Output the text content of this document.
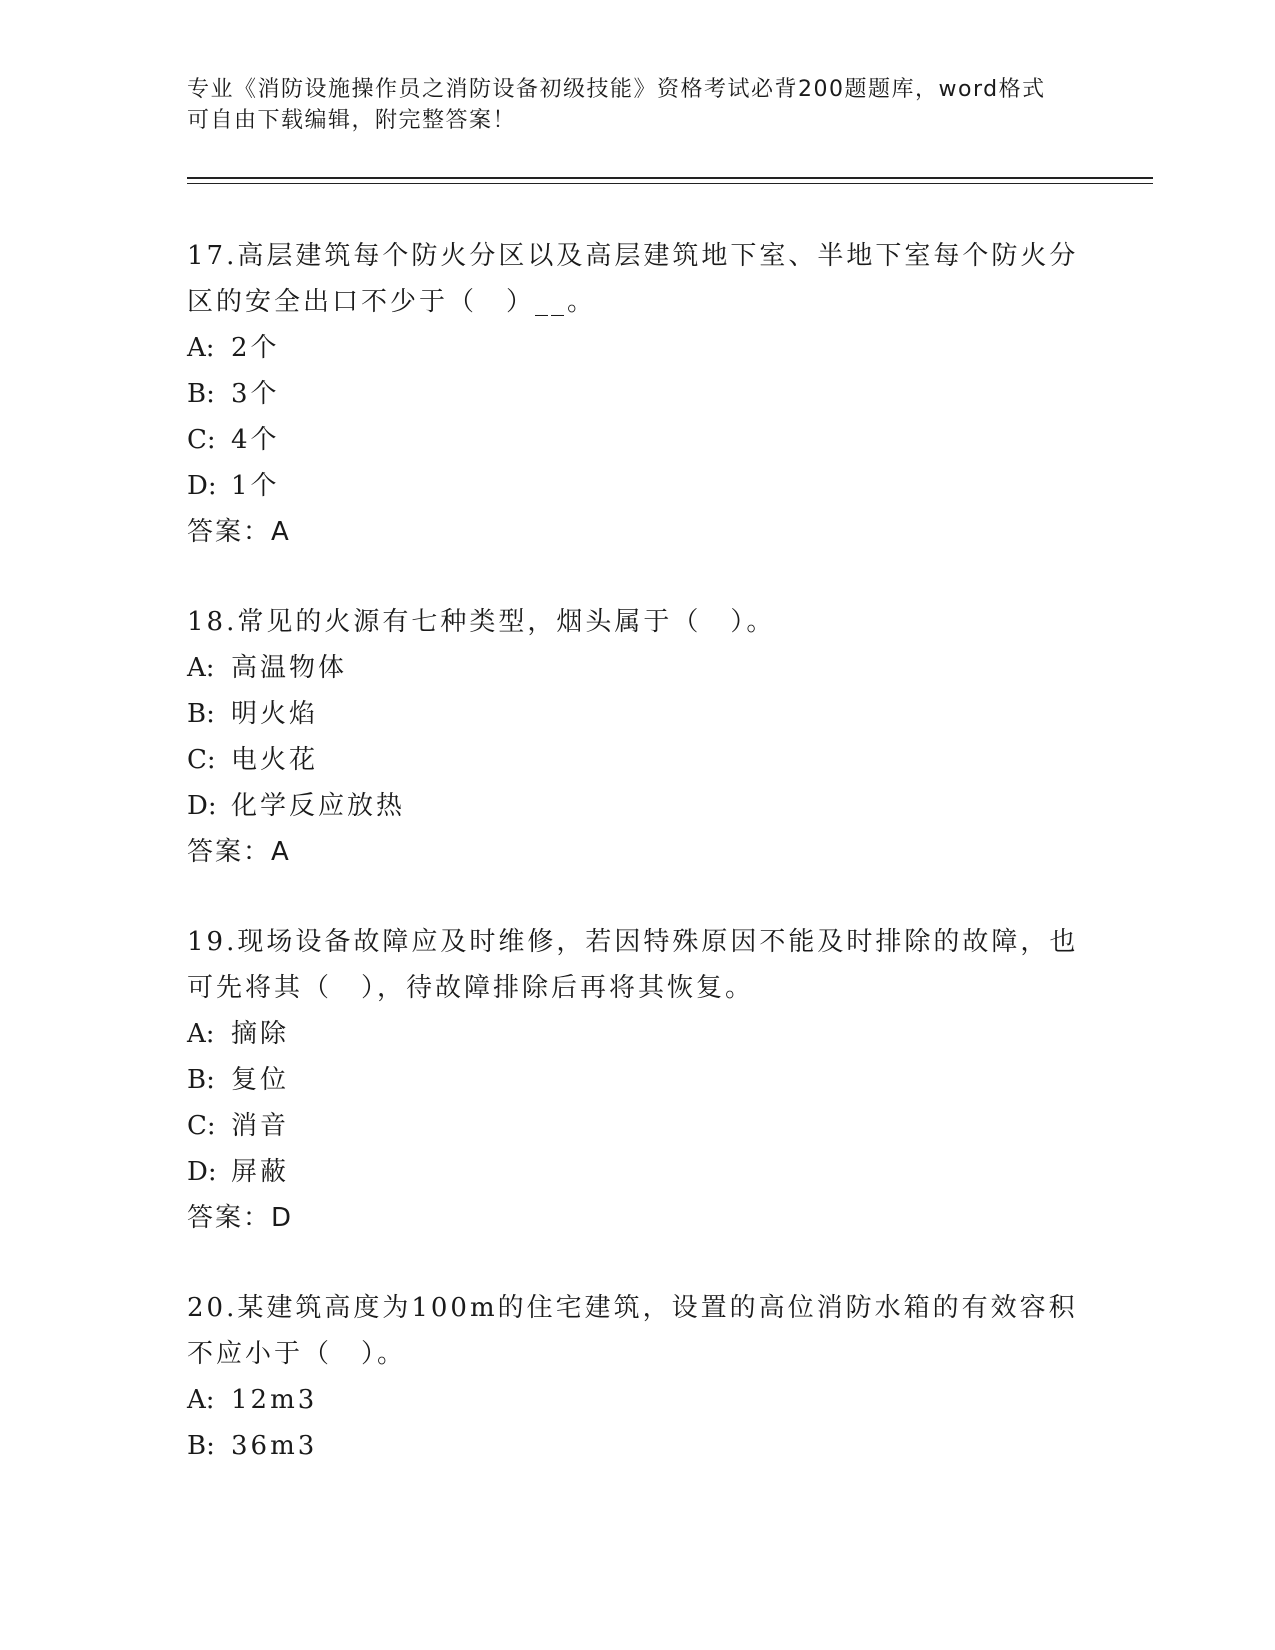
专业《消防设施操作员之消防设备初级技能》资格考试必背200题题库，word格式可自由下载编辑，附完整答案！
17.高层建筑每个防火分区以及高层建筑地下室、半地下室每个防火分区的安全出口不少于（　）__。
A: 2个
B: 3个
C: 4个
D: 1个
答案：A
18.常见的火源有七种类型，烟头属于（　）。
A: 高温物体
B: 明火焰
C: 电火花
D: 化学反应放热
答案：A
19.现场设备故障应及时维修，若因特殊原因不能及时排除的故障，也可先将其（　），待故障排除后再将其恢复。
A: 摘除
B: 复位
C: 消音
D: 屏蔽
答案：D
20.某建筑高度为100m的住宅建筑，设置的高位消防水箱的有效容积不应小于（　）。
A: 12m3
B: 36m3
